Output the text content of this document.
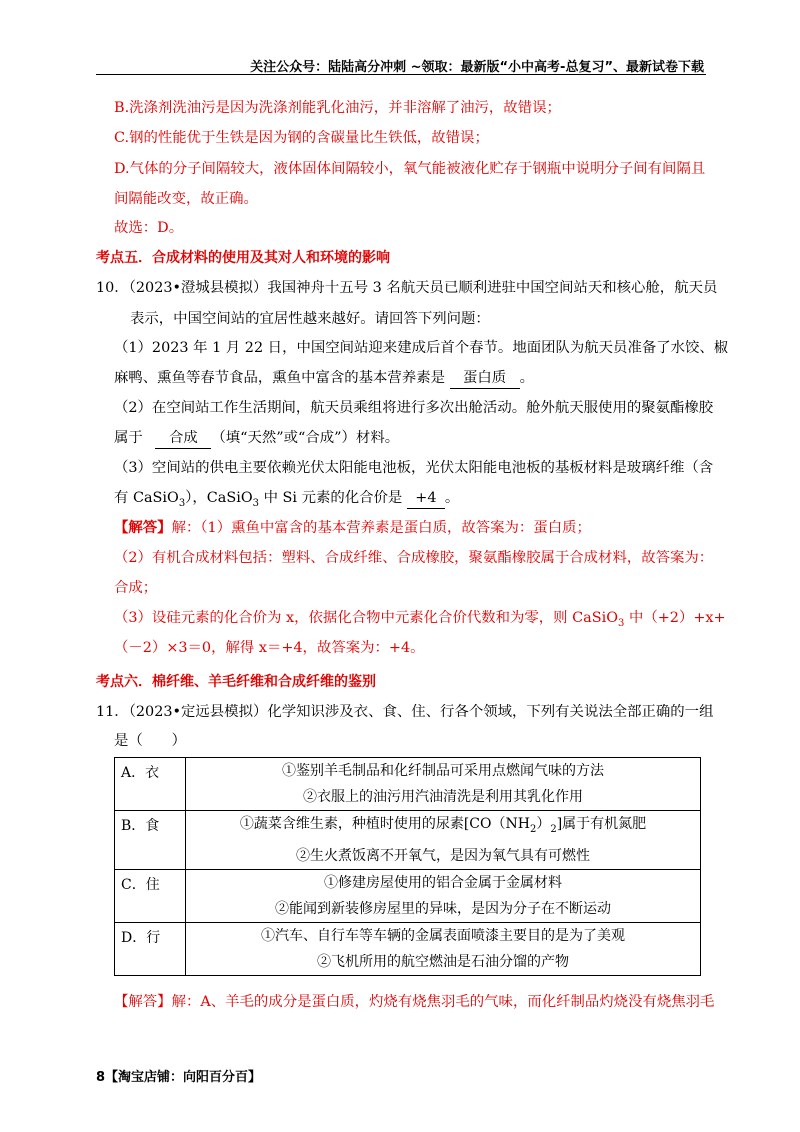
关注公众号：陆陆高分冲刺 ~领取：最新版“小中高考-总复习”、最新试卷下载
B.洗涤剂洗油污是因为洗涤剂能乳化油污，并非溶解了油污，故错误；
C.钢的性能优于生铁是因为钢的含碳量比生铁低，故错误；
D.气体的分子间隔较大，液体固体间隔较小，氧气能被液化贮存于钢瓶中说明分子间有间隔且
间隔能改变，故正确。
故选：D。
考点五．合成材料的使用及其对人和环境的影响
10．（2023•澄城县模拟）我国神舟十五号 3 名航天员已顺利进驻中国空间站天和核心舱，航天员
表示，中国空间站的宜居性越来越好。请回答下列问题：
（1）2023 年 1 月 22 日，中国空间站迎来建成后首个春节。地面团队为航天员准备了水饺、椒
麻鸭、熏鱼等春节食品，熏鱼中富含的基本营养素是 蛋白质 。
（2）在空间站工作生活期间，航天员乘组将进行多次出舱活动。舱外航天服使用的聚氨酯橡胶
属于 合成 （填“天然”或“合成”）材料。
（3）空间站的供电主要依赖光伏太阳能电池板，光伏太阳能电池板的基板材料是玻璃纤维（含
有 CaSiO$_3$），CaSiO$_3$ 中 Si 元素的化合价是 +4 。
【解答】解：（1）熏鱼中富含的基本营养素是蛋白质，故答案为：蛋白质；
（2）有机合成材料包括：塑料、合成纤维、合成橡胶，聚氨酯橡胶属于合成材料，故答案为：
合成；
（3）设硅元素的化合价为 x，依据化合物中元素化合价代数和为零，则 CaSiO$_3$ 中（+2）+x+
（－2）×3＝0，解得 x＝+4，故答案为：+4。
考点六．棉纤维、羊毛纤维和合成纤维的鉴别
11．（2023•定远县模拟）化学知识涉及衣、食、住、行各个领域，下列有关说法全部正确的一组
是（　　）
A．衣	①鉴别羊毛制品和化纤制品可采用点燃闻气味的方法
②衣服上的油污用汽油清洗是利用其乳化作用

B．食	①蔬菜含维生素，种植时使用的尿素$[CO(NH_2)_2]$属于有机氮肥
②生火煮饭离不开氧气，是因为氧气具有可燃性

C．住	①修建房屋使用的铝合金属于金属材料
②能闻到新装修房屋里的异味，是因为分子在不断运动

D．行	①汽车、自行车等车辆的金属表面喷漆主要目的是为了美观
②飞机所用的航空燃油是石油分馏的产物
【解答】解：A、羊毛的成分是蛋白质，灼烧有烧焦羽毛的气味，而化纤制品灼烧没有烧焦羽毛
8【淘宝店铺：向阳百分百】
